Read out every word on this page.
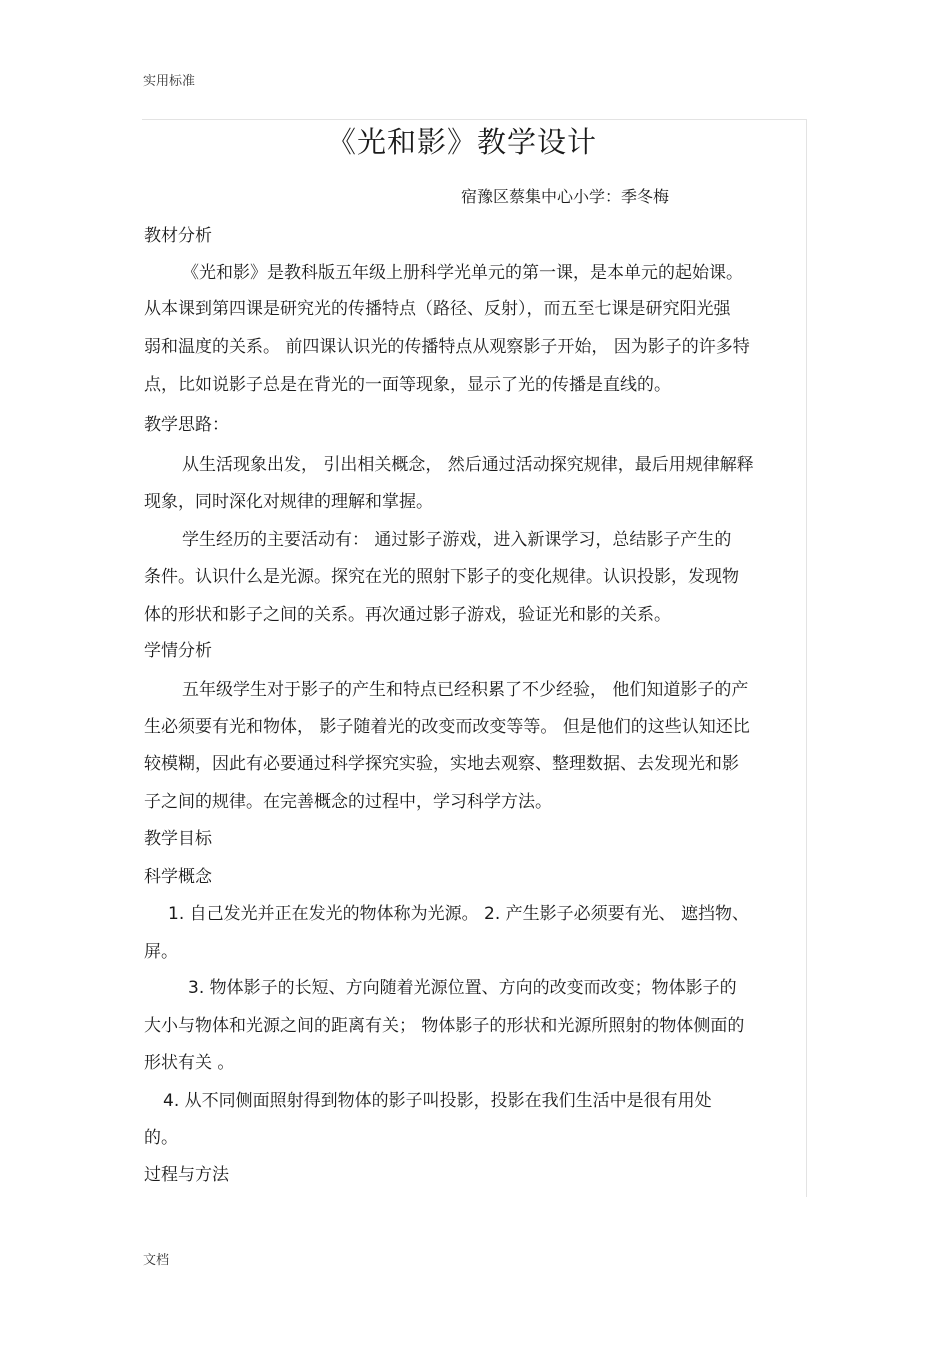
实用标准
《光和影》教学设计
宿豫区蔡集中心小学：季冬梅
教材分析
《光和影》是教科版五年级上册科学光单元的第一课，是本单元的起始课。
从本课到第四课是研究光的传播特点（路径、反射），而五至七课是研究阳光强
弱和温度的关系。 前四课认识光的传播特点从观察影子开始， 因为影子的许多特
点，比如说影子总是在背光的一面等现象，显示了光的传播是直线的。
教学思路：
从生活现象出发， 引出相关概念， 然后通过活动探究规律，最后用规律解释
现象，同时深化对规律的理解和掌握。
学生经历的主要活动有： 通过影子游戏，进入新课学习，总结影子产生的
条件。认识什么是光源。探究在光的照射下影子的变化规律。认识投影，发现物
体的形状和影子之间的关系。再次通过影子游戏，验证光和影的关系。
学情分析
五年级学生对于影子的产生和特点已经积累了不少经验， 他们知道影子的产
生必须要有光和物体， 影子随着光的改变而改变等等。 但是他们的这些认知还比
较模糊，因此有必要通过科学探究实验，实地去观察、整理数据、去发现光和影
子之间的规律。在完善概念的过程中，学习科学方法。
教学目标
科学概念
1. 自己发光并正在发光的物体称为光源。 2. 产生影子必须要有光、 遮挡物、
屏。
3. 物体影子的长短、方向随着光源位置、方向的改变而改变；物体影子的
大小与物体和光源之间的距离有关； 物体影子的形状和光源所照射的物体侧面的
形状有关 。
4. 从不同侧面照射得到物体的影子叫投影，投影在我们生活中是很有用处
的。
过程与方法
文档
